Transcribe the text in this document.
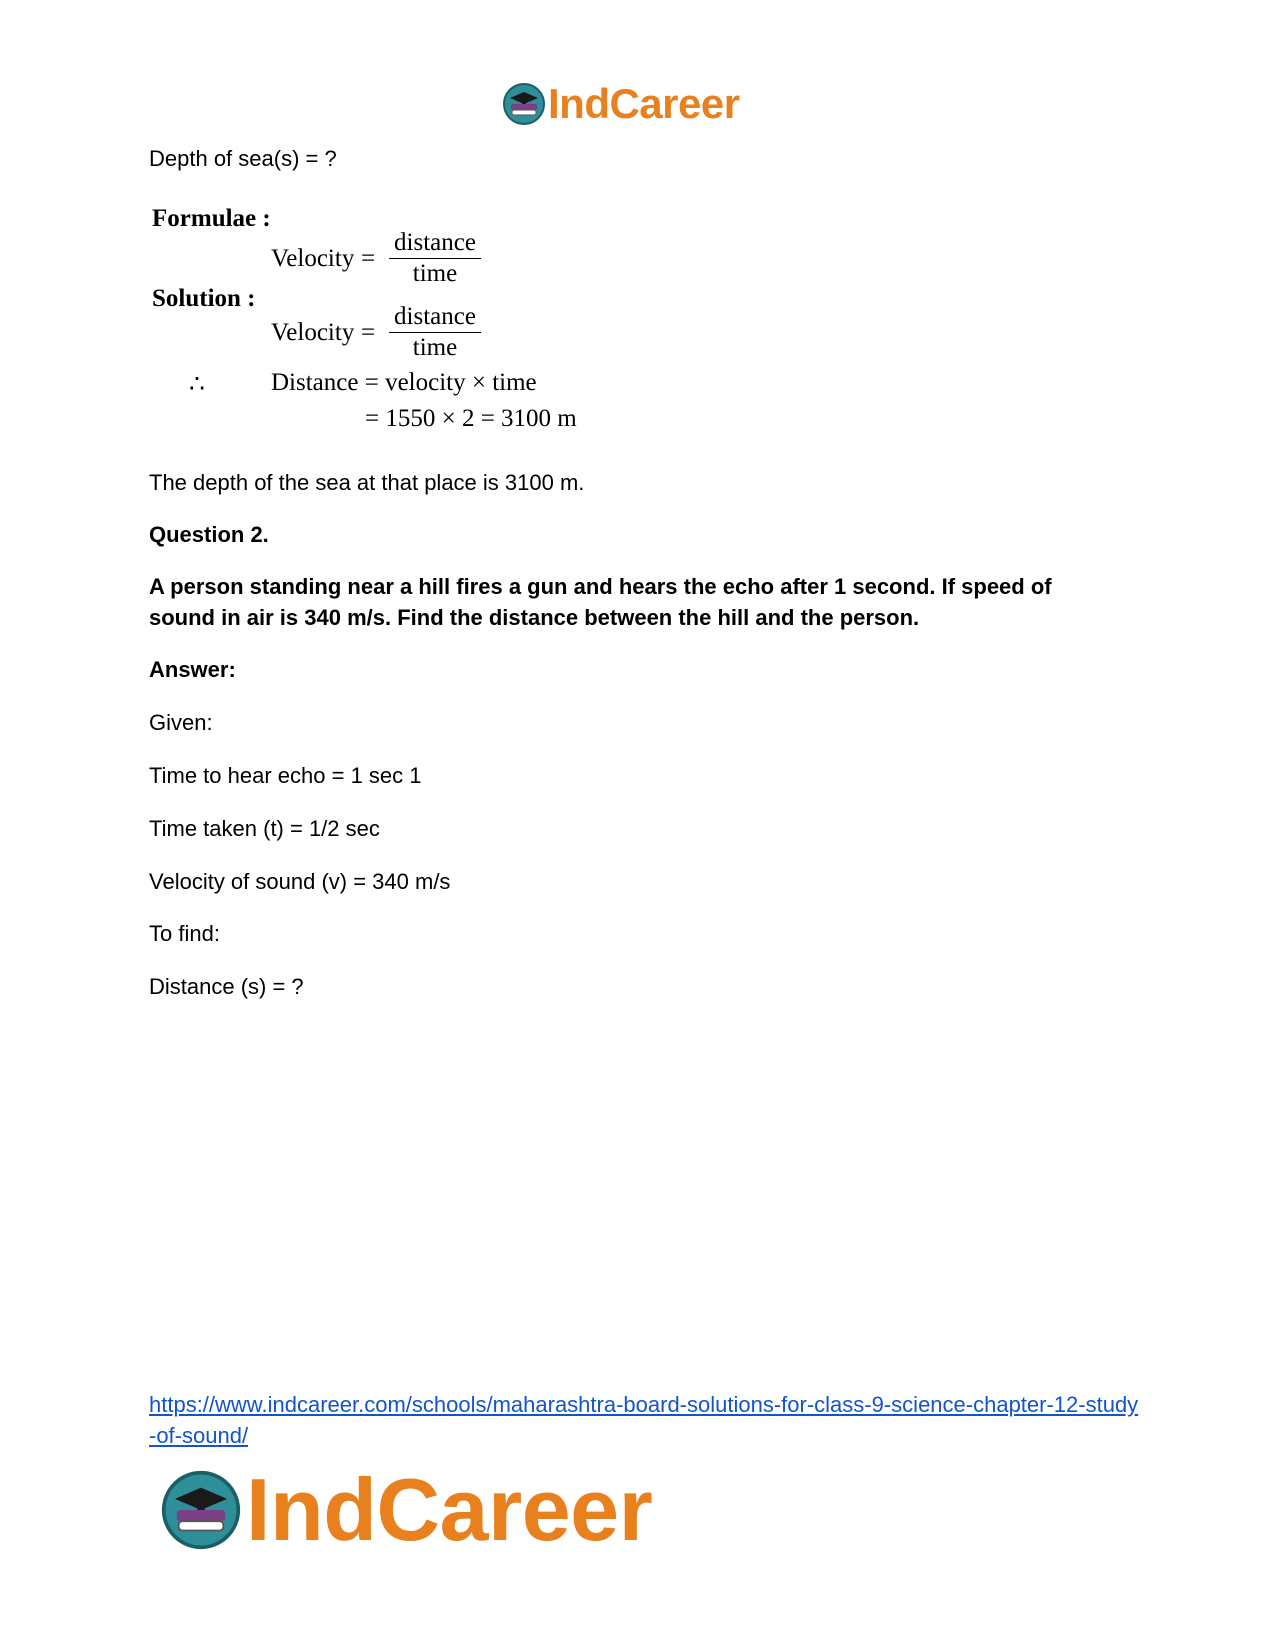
IndCareer
Depth of sea(s) = ?
Formulae :
Velocity =
distance
time
Solution :
Velocity =
distance
time
∴	Distance = velocity × time
= 1550 × 2 = 3100 m
The depth of the sea at that place is 3100 m.
Question 2.
A person standing near a hill fires a gun and hears the echo after 1 second. If speed of sound in air is 340 m/s. Find the distance between the hill and the person.
Answer:
Given:
Time to hear echo = 1 sec 1
Time taken (t) = 1/2 sec
Velocity of sound (v) = 340 m/s
To find:
Distance (s) = ?
https://www.indcareer.com/schools/maharashtra-board-solutions-for-class-9-science-chapter-12-study-of-sound/
IndCareer
